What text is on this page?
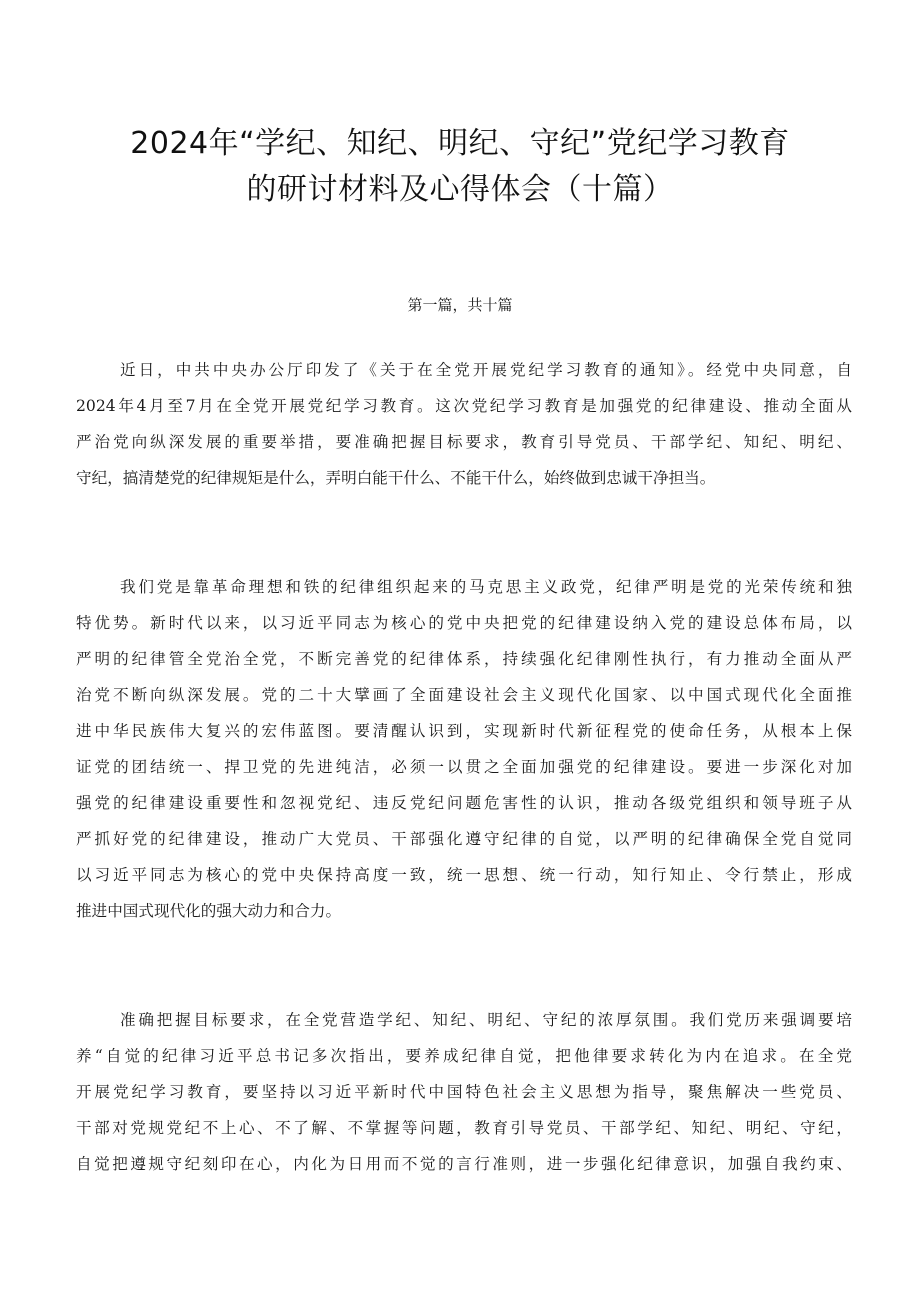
2024年“学纪、知纪、明纪、守纪”党纪学习教育
的研讨材料及心得体会（十篇）
第一篇，共十篇
近日，中共中央办公厅印发了《关于在全党开展党纪学习教育的通知》。经党中央同意，自
2024年4月至7月在全党开展党纪学习教育。这次党纪学习教育是加强党的纪律建设、推动全面从
严治党向纵深发展的重要举措，要准确把握目标要求，教育引导党员、干部学纪、知纪、明纪、
守纪，搞清楚党的纪律规矩是什么，弄明白能干什么、不能干什么，始终做到忠诚干净担当。
我们党是靠革命理想和铁的纪律组织起来的马克思主义政党，纪律严明是党的光荣传统和独
特优势。新时代以来，以习近平同志为核心的党中央把党的纪律建设纳入党的建设总体布局，以
严明的纪律管全党治全党，不断完善党的纪律体系，持续强化纪律刚性执行，有力推动全面从严
治党不断向纵深发展。党的二十大擘画了全面建设社会主义现代化国家、以中国式现代化全面推
进中华民族伟大复兴的宏伟蓝图。要清醒认识到，实现新时代新征程党的使命任务，从根本上保
证党的团结统一、捍卫党的先进纯洁，必须一以贯之全面加强党的纪律建设。要进一步深化对加
强党的纪律建设重要性和忽视党纪、违反党纪问题危害性的认识，推动各级党组织和领导班子从
严抓好党的纪律建设，推动广大党员、干部强化遵守纪律的自觉，以严明的纪律确保全党自觉同
以习近平同志为核心的党中央保持高度一致，统一思想、统一行动，知行知止、令行禁止，形成
推进中国式现代化的强大动力和合力。
准确把握目标要求，在全党营造学纪、知纪、明纪、守纪的浓厚氛围。我们党历来强调要培
养“自觉的纪律习近平总书记多次指出，要养成纪律自觉，把他律要求转化为内在追求。在全党
开展党纪学习教育，要坚持以习近平新时代中国特色社会主义思想为指导，聚焦解决一些党员、
干部对党规党纪不上心、不了解、不掌握等问题，教育引导党员、干部学纪、知纪、明纪、守纪，
自觉把遵规守纪刻印在心，内化为日用而不觉的言行准则，进一步强化纪律意识，加强自我约束、
